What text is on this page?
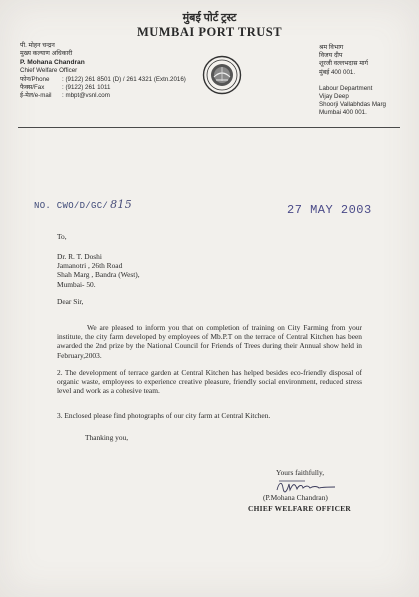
मुंबई पोर्ट ट्रस्ट
MUMBAI PORT TRUST
पी. मोहन चन्द्रन
मुख्य कल्याण अधिकारी
P. Mohana Chandran
Chief Welfare Officer
फोन/Phone	: (9122) 261 8501 (D) / 261 4321 (Extn.2016)
फैक्स/Fax	: (9122) 261 1011
ई-मेल/e-mail	: mbpt@vsnl.com
श्रम विभाग
विजय दीप
शूरजी वल्लभदास मार्ग
मुंबई 400 001.
Labour Department
Vijay Deep
Shoorji Vallabhdas Marg
Mumbai 400 001.
NO. CWO/D/GC/ 815	27 MAY 2003
To,
Dr. R. T. Doshi
Jamanotri , 26th Road
Shah Marg , Bandra (West),
Mumbai- 50.
Dear Sir,
We are pleased to inform you that on completion of training on City Farming from your institute, the city farm developed by employees of Mb.P.T on the terrace of Central Kitchen has been awarded the 2nd prize by the National Council for Friends of Trees during their Annual show held in February,2003.
2. The development of terrace garden at Central Kitchen has helped besides eco-friendly disposal of organic waste, employees to experience creative pleasure, friendly social environment, reduced stress level and work as a cohesive team.
3. Enclosed please find photographs of our city farm at Central Kitchen.
Thanking you,
Yours faithfully,
(P.Mohana Chandran)
CHIEF WELFARE OFFICER
